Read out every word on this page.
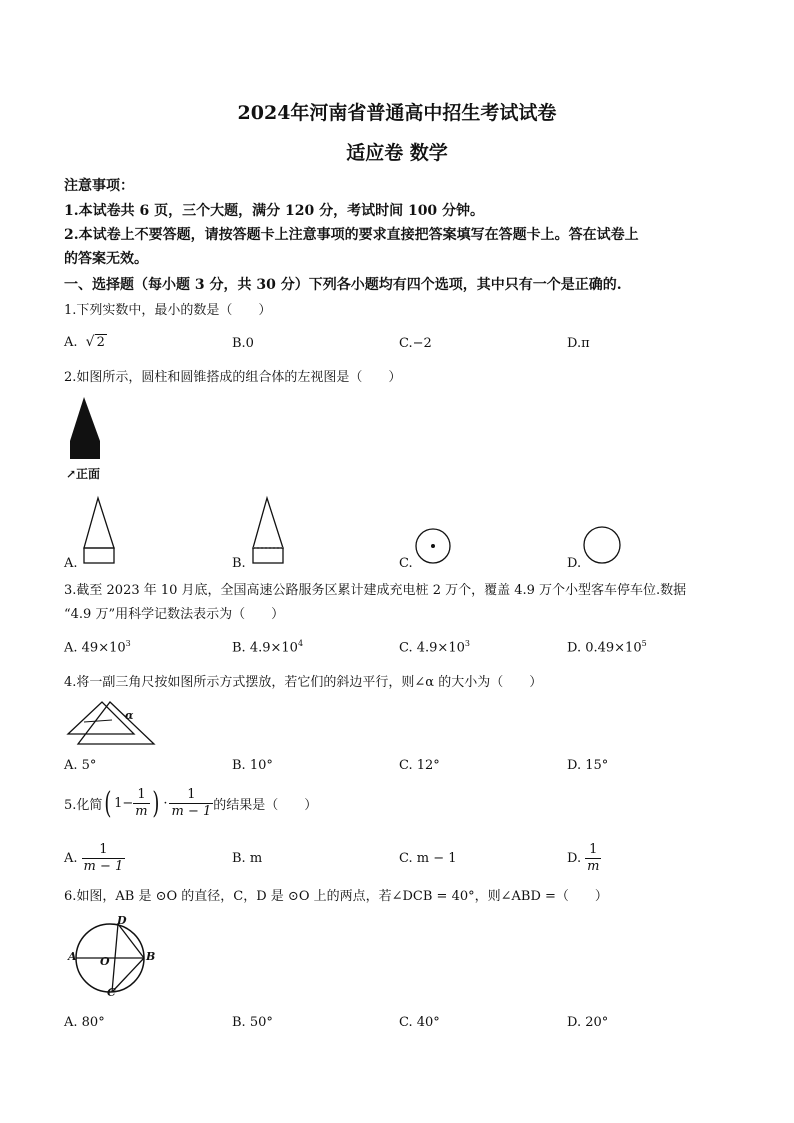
2024年河南省普通高中招生考试试卷
适应卷 数学
注意事项：
1.本试卷共 6 页，三个大题，满分 120 分，考试时间 100 分钟。
2.本试卷上不要答题，请按答题卡上注意事项的要求直接把答案填写在答题卡上。答在试卷上
的答案无效。
一、选择题（每小题 3 分，共 30 分）下列各小题均有四个选项，其中只有一个是正确的.
1.下列实数中，最小的数是（　　）
A. √ 2	B.0	C.−2	D.π
2.如图所示，圆柱和圆锥搭成的组合体的左视图是（　　）
↗正面
A.	B.	C.	D.
3.截至 2023 年 10 月底，全国高速公路服务区累计建成充电桩 2 万个，覆盖 4.9 万个小型客车停车位.数据
“4.9 万”用科学记数法表示为（　　）
A. $49\times 10^3$	B. $4.9\times 10^4$	C. $4.9\times 10^3$	D. $0.49\times 10^5$
4.将一副三角尺按如图所示方式摆放，若它们的斜边平行，则∠α 的大小为（　　）
α
A. 5°	B. 10°	C. 12°	D. 15°
5.化简 ( $1- \frac{1}{m}$ ) · $\frac{1}{m - 1}$ 的结果是（　　）
A. $\frac{1}{m - 1}$	B. m	C. m − 1	D. $\frac{1}{m}$
6.如图，AB 是 ⊙O 的直径，C，D 是 ⊙O 上的两点，若∠DCB = 40°，则∠ABD =（　　）
A	B
C
D
O
A. 80°	B. 50°	C. 40°	D. 20°
